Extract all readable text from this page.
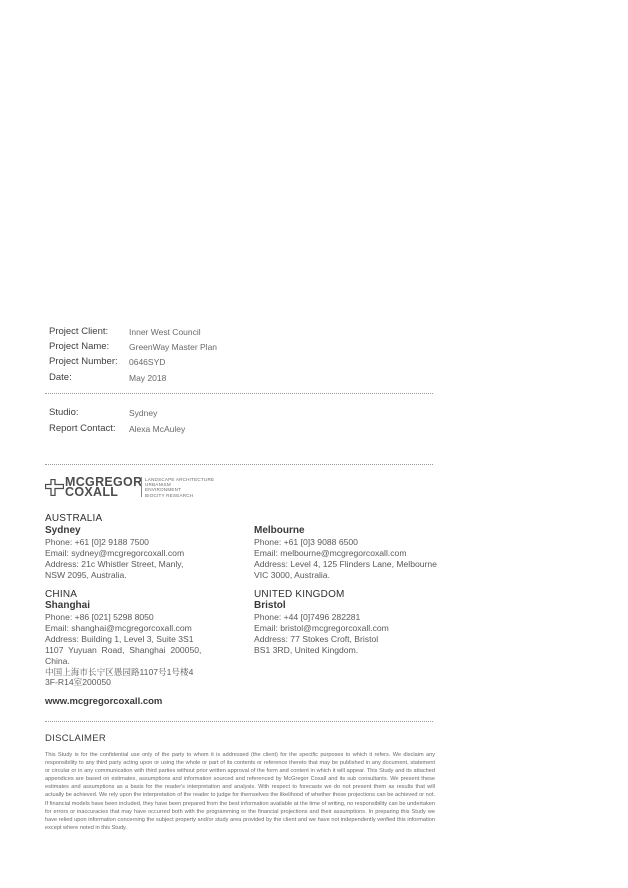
Project Client: Inner West Council
Project Name: GreenWay Master Plan
Project Number: 0646SYD
Date:	May 2018
Studio:	Sydney
Report Contact: Alexa McAuley
MCGREGOR
COXALL
LANDSCAPE ARCHITECTURE
URBANISM
ENVIRONMENT
BIOCITY RESEARCH
AUSTRALIA
Sydney
Phone: +61 [0]2 9188 7500
Email: sydney@mcgregorcoxall.com
Address: 21c Whistler Street, Manly,
NSW 2095, Australia.
Melbourne
Phone: +61 [0]3 9088 6500
Email: melbourne@mcgregorcoxall.com
Address: Level 4, 125 Flinders Lane, Melbourne
VIC 3000, Australia.
CHINA
Shanghai
Phone: +86 [021] 5298 8050
Email: shanghai@mcgregorcoxall.com
Address: Building 1, Level 3, Suite 3S1
1107  Yuyuan  Road,  Shanghai  200050,
China.
中国上海市长宁区愚园路1107号1号楼4
3F-R14室200050
UNITED KINGDOM
Bristol
Phone: +44 [0]7496 282281
Email: bristol@mcgregorcoxall.com
Address: 77 Stokes Croft, Bristol
BS1 3RD, United Kingdom.
www.mcgregorcoxall.com
DISCLAIMER
This Study is for the confidential use only of the party to whom it is addressed (the client) for the specific purposes to which it refers. We disclaim any responsibility to any third party acting upon or using the whole or part of its contents or reference thereto that may be published in any document, statement or circular or in any communication with third parties without prior written approval of the form and content in which it will appear. This Study and its attached appendices are based on estimates, assumptions and information sourced and referenced by McGregor Coxall and its sub consultants. We present these estimates and assumptions as a basis for the reader's interpretation and analysis. With respect to forecasts we do not present them as results that will actually be achieved. We rely upon the interpretation of the reader to judge for themselves the likelihood of whether these projections can be achieved or not. If financial models have been included, they have been prepared from the best information available at the time of writing, no responsibility can be undertaken for errors or inaccuracies that may have occurred both with the programming or the financial projections and their assumptions. In preparing this Study we have relied upon information concerning the subject property and/or study area provided by the client and we have not independently verified this information except where noted in this Study.
